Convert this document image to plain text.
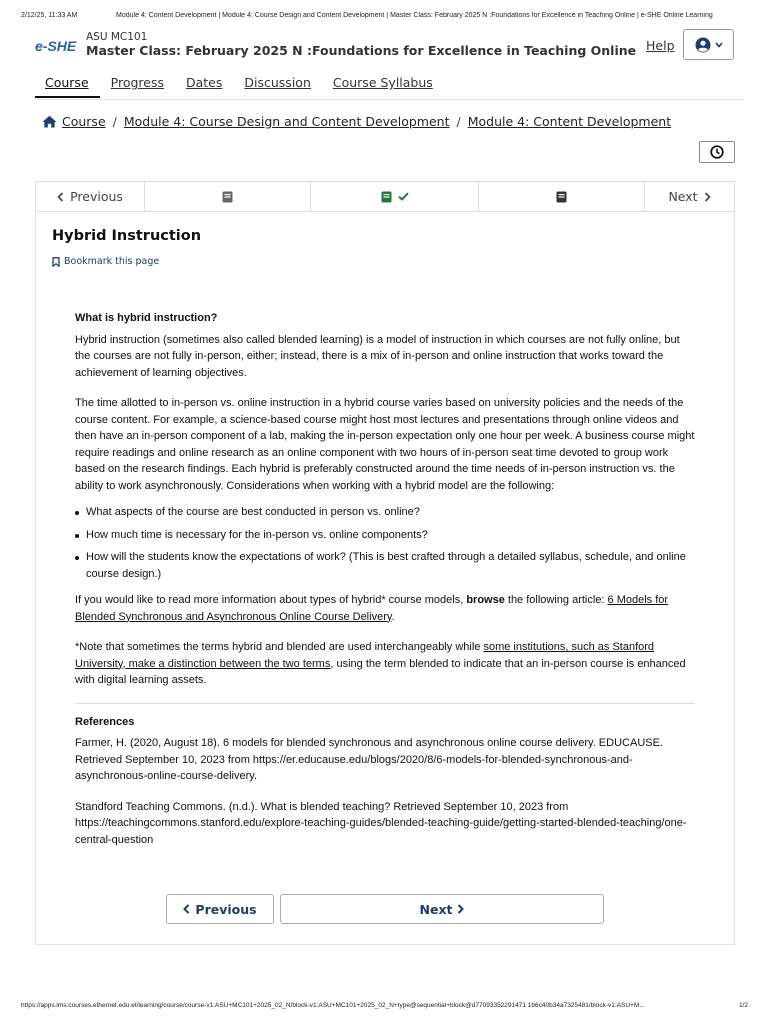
2/12/25, 11:33 AM	Module 4: Content Development | Module 4: Course Design and Content Development | Master Class: February 2025 N :Foundations for Excellence in Teaching Online | e-SHE Online Learning
e-SHE
ASU MC101
Master Class: February 2025 N :Foundations for Excellence in Teaching Online Help
Course	Progress	Dates	Discussion	Course Syllabus
Course / Module 4: Course Design and Content Development / Module 4: Content Development
Previous	Next
Hybrid Instruction
Bookmark this page
What is hybrid instruction?

Hybrid instruction (sometimes also called blended learning) is a model of instruction in which courses are not fully online, but the courses are not fully in-person, either; instead, there is a mix of in-person and online instruction that works toward the achievement of learning objectives.

The time allotted to in-person vs. online instruction in a hybrid course varies based on university policies and the needs of the course content. For example, a science-based course might host most lectures and presentations through online videos and then have an in-person component of a lab, making the in-person expectation only one hour per week. A business course might require readings and online research as an online component with two hours of in-person seat time devoted to group work based on the research findings. Each hybrid is preferably constructed around the time needs of in-person instruction vs. the ability to work asynchronously. Considerations when working with a hybrid model are the following:

What aspects of the course are best conducted in person vs. online?
How much time is necessary for the in-person vs. online components?
How will the students know the expectations of work? (This is best crafted through a detailed syllabus, schedule, and online course design.)

If you would like to read more information about types of hybrid* course models, browse the following article: 6 Models for Blended Synchronous and Asynchronous Online Course Delivery.

*Note that sometimes the terms hybrid and blended are used interchangeably while some institutions, such as Stanford University, make a distinction between the two terms, using the term blended to indicate that an in-person course is enhanced with digital learning assets.

References

Farmer, H. (2020, August 18). 6 models for blended synchronous and asynchronous online course delivery. EDUCAUSE. Retrieved September 10, 2023 from https://er.educause.edu/blogs/2020/8/6-models-for-blended-synchronous-and-asynchronous-online-course-delivery.

Standford Teaching Commons. (n.d.). What is blended teaching? Retrieved September 10, 2023 from https://teachingcommons.stanford.edu/explore-teaching-guides/blended-teaching-guide/getting-started-blended-teaching/one-central-question

Previous	Next
https://apps.lms.courses.ethernet.edu.et/learning/course/course-v1:ASU+MC101+2025_02_N/block-v1:ASU+MC101+2025_02_N+type@sequential+block@d77093352291471 1b6c40b34a7325481/block-v1:ASU+M...	1/2
